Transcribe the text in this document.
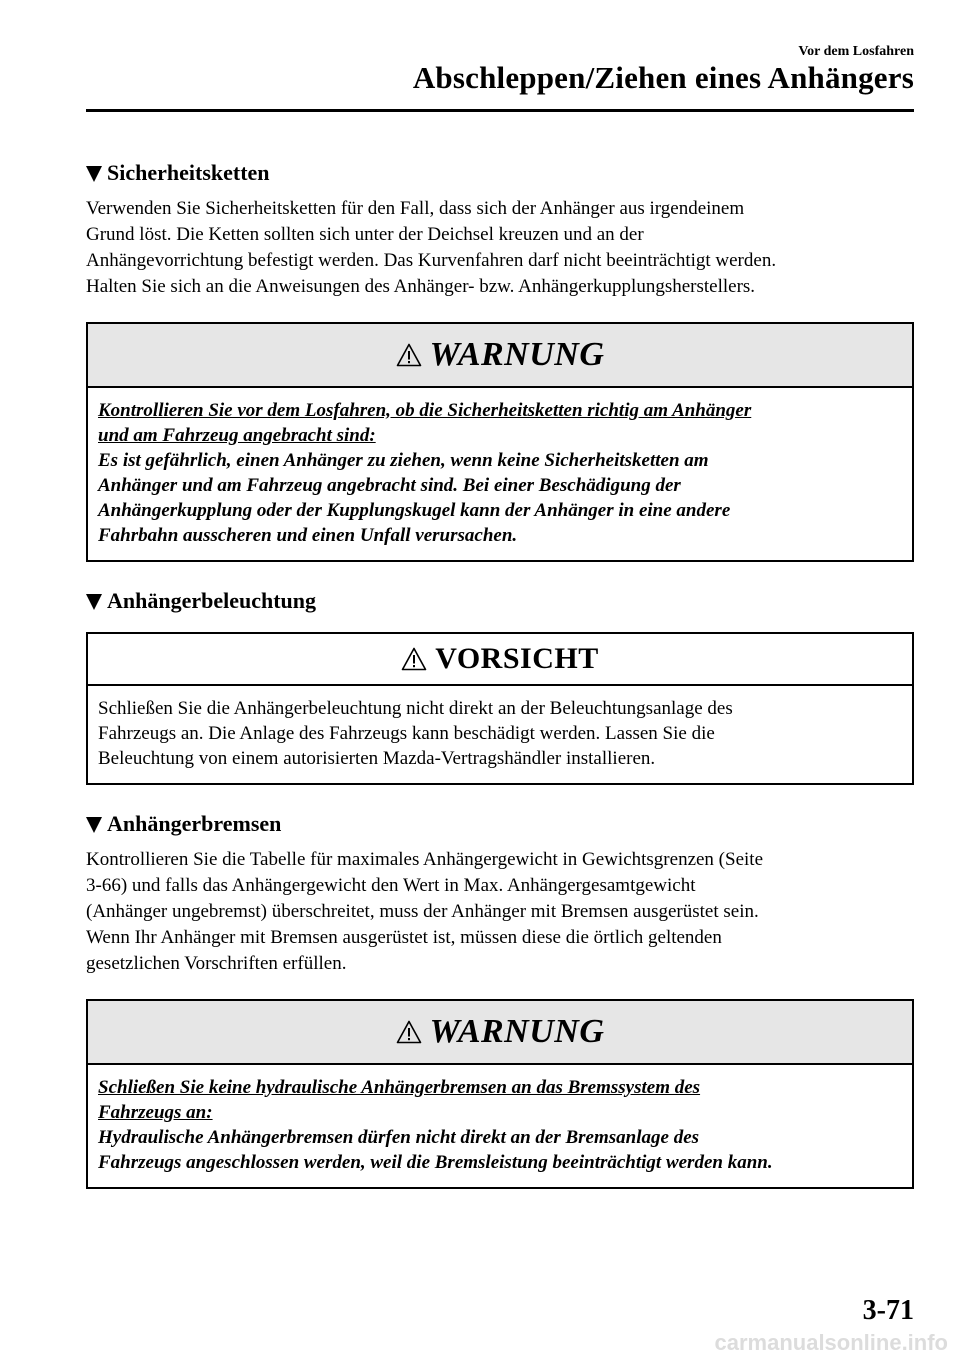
Vor dem Losfahren
Abschleppen/Ziehen eines Anhängers
Sicherheitsketten
Verwenden Sie Sicherheitsketten für den Fall, dass sich der Anhänger aus irgendeinem
Grund löst. Die Ketten sollten sich unter der Deichsel kreuzen und an der
Anhängevorrichtung befestigt werden. Das Kurvenfahren darf nicht beeinträchtigt werden.
Halten Sie sich an die Anweisungen des Anhänger- bzw. Anhängerkupplungsherstellers.
WARNUNG
Kontrollieren Sie vor dem Losfahren, ob die Sicherheitsketten richtig am Anhänger
und am Fahrzeug angebracht sind:
Es ist gefährlich, einen Anhänger zu ziehen, wenn keine Sicherheitsketten am
Anhänger und am Fahrzeug angebracht sind. Bei einer Beschädigung der
Anhängerkupplung oder der Kupplungskugel kann der Anhänger in eine andere
Fahrbahn ausscheren und einen Unfall verursachen.
Anhängerbeleuchtung
VORSICHT
Schließen Sie die Anhängerbeleuchtung nicht direkt an der Beleuchtungsanlage des
Fahrzeugs an. Die Anlage des Fahrzeugs kann beschädigt werden. Lassen Sie die
Beleuchtung von einem autorisierten Mazda-Vertragshändler installieren.
Anhängerbremsen
Kontrollieren Sie die Tabelle für maximales Anhängergewicht in Gewichtsgrenzen (Seite
3-66) und falls das Anhängergewicht den Wert in Max. Anhängergesamtgewicht
(Anhänger ungebremst) überschreitet, muss der Anhänger mit Bremsen ausgerüstet sein.
Wenn Ihr Anhänger mit Bremsen ausgerüstet ist, müssen diese die örtlich geltenden
gesetzlichen Vorschriften erfüllen.
WARNUNG
Schließen Sie keine hydraulische Anhängerbremsen an das Bremssystem des
Fahrzeugs an:
Hydraulische Anhängerbremsen dürfen nicht direkt an der Bremsanlage des
Fahrzeugs angeschlossen werden, weil die Bremsleistung beeinträchtigt werden kann.
3-71
carmanualsonline.info
